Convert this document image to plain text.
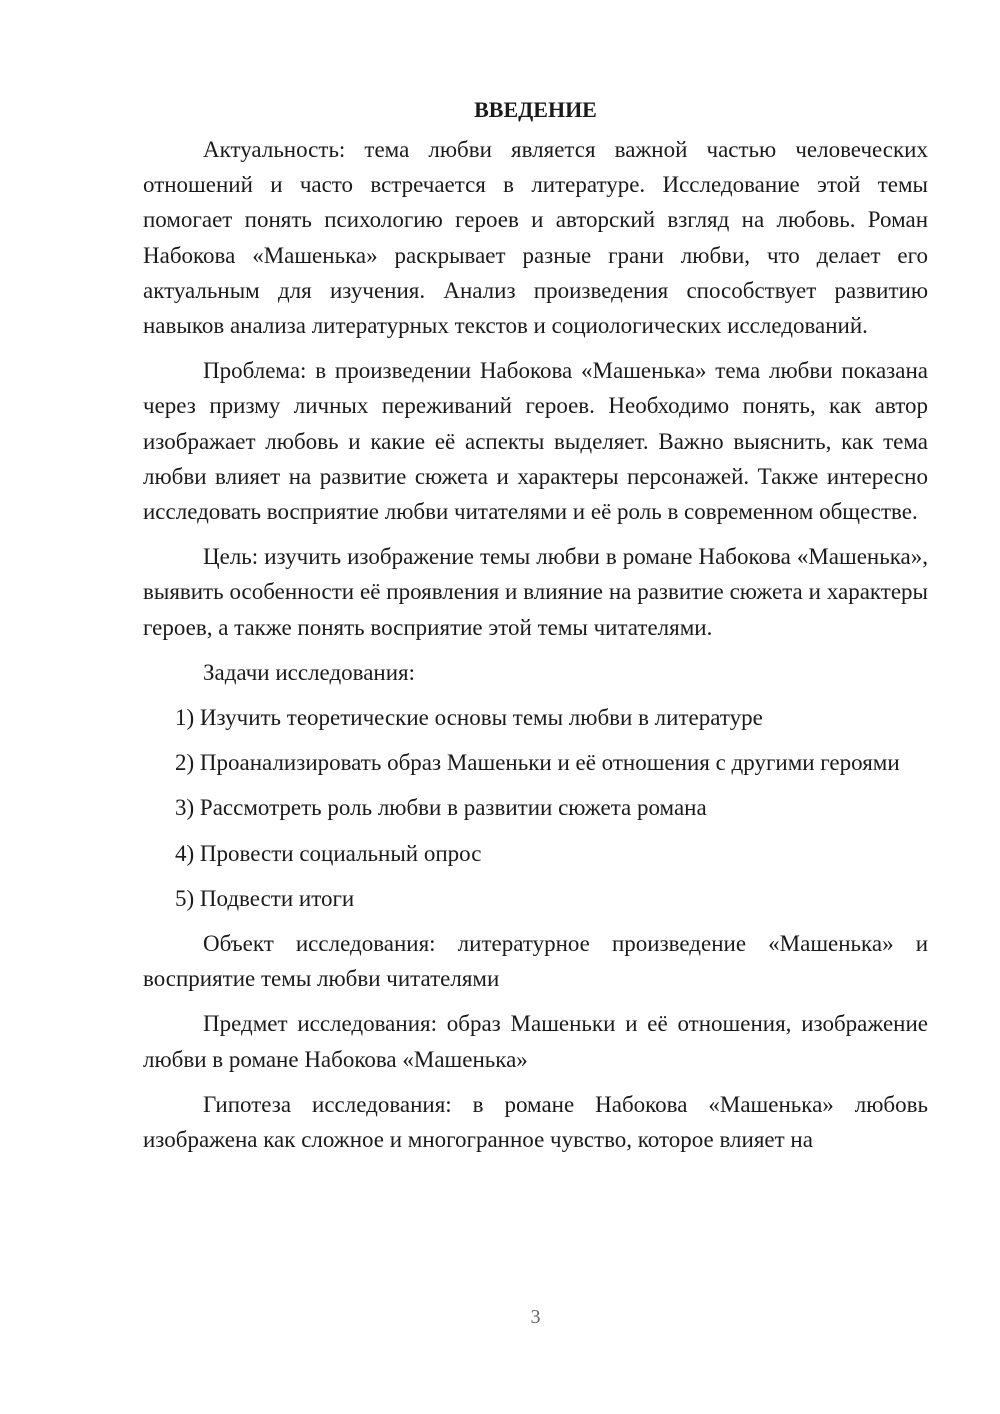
ВВЕДЕНИЕ

Актуальность: тема любви является важной частью человеческих отношений и часто встречается в литературе. Исследование этой темы помогает понять психологию героев и авторский взгляд на любовь. Роман Набокова «Машенька» раскрывает разные грани любви, что делает его актуальным для изучения. Анализ произведения способствует развитию навыков анализа литературных текстов и социологических исследований.

Проблема: в произведении Набокова «Машенька» тема любви показана через призму личных переживаний героев. Необходимо понять, как автор изображает любовь и какие её аспекты выделяет. Важно выяснить, как тема любви влияет на развитие сюжета и характеры персонажей. Также интересно исследовать восприятие любви читателями и её роль в современном обществе.

Цель: изучить изображение темы любви в романе Набокова «Машенька», выявить особенности её проявления и влияние на развитие сюжета и характеры героев, а также понять восприятие этой темы читателями.

Задачи исследования:

1) Изучить теоретические основы темы любви в литературе

2) Проанализировать образ Машеньки и её отношения с другими героями

3) Рассмотреть роль любви в развитии сюжета романа

4) Провести социальный опрос

5) Подвести итоги

Объект исследования: литературное произведение «Машенька» и восприятие темы любви читателями

Предмет исследования: образ Машеньки и её отношения, изображение любви в романе Набокова «Машенька»

Гипотеза исследования: в романе Набокова «Машенька» любовь изображена как сложное и многогранное чувство, которое влияет на

3
